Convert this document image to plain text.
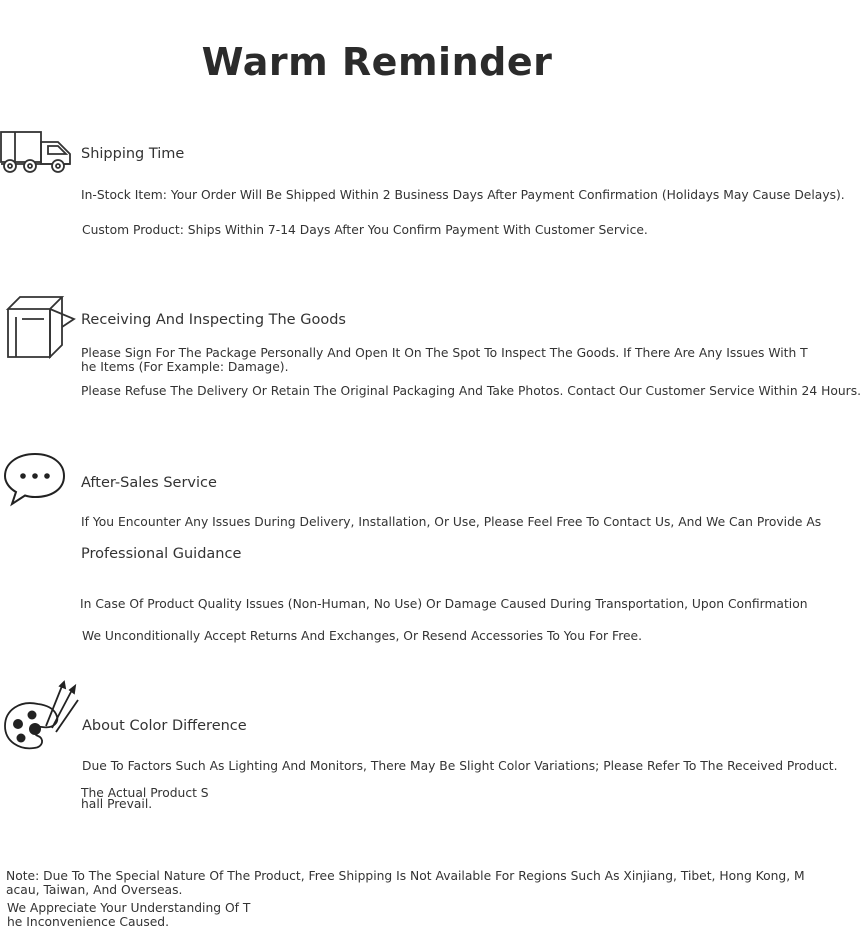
Warm Reminder
Shipping Time
In-Stock Item: Your Order Will Be Shipped Within 2 Business Days After Payment Confirmation (Holidays May Cause Delays).
Custom Product: Ships Within 7-14 Days After You Confirm Payment With Customer Service.
Receiving And Inspecting The Goods
Please Sign For The Package Personally And Open It On The Spot To Inspect The Goods. If There Are Any Issues With T
he Items (For Example: Damage).
Please Refuse The Delivery Or Retain The Original Packaging And Take Photos. Contact Our Customer Service Within 24 Hours.
After-Sales Service
If You Encounter Any Issues During Delivery, Installation, Or Use, Please Feel Free To Contact Us, And We Can Provide As
Professional Guidance
In Case Of Product Quality Issues (Non-Human, No Use) Or Damage Caused During Transportation, Upon Confirmation
We Unconditionally Accept Returns And Exchanges, Or Resend Accessories To You For Free.
About Color Difference
Due To Factors Such As Lighting And Monitors, There May Be Slight Color Variations; Please Refer To The Received Product.
The Actual Product S
hall Prevail.
Note: Due To The Special Nature Of The Product, Free Shipping Is Not Available For Regions Such As Xinjiang, Tibet, Hong Kong, M
acau, Taiwan, And Overseas.
We Appreciate Your Understanding Of T
he Inconvenience Caused.
